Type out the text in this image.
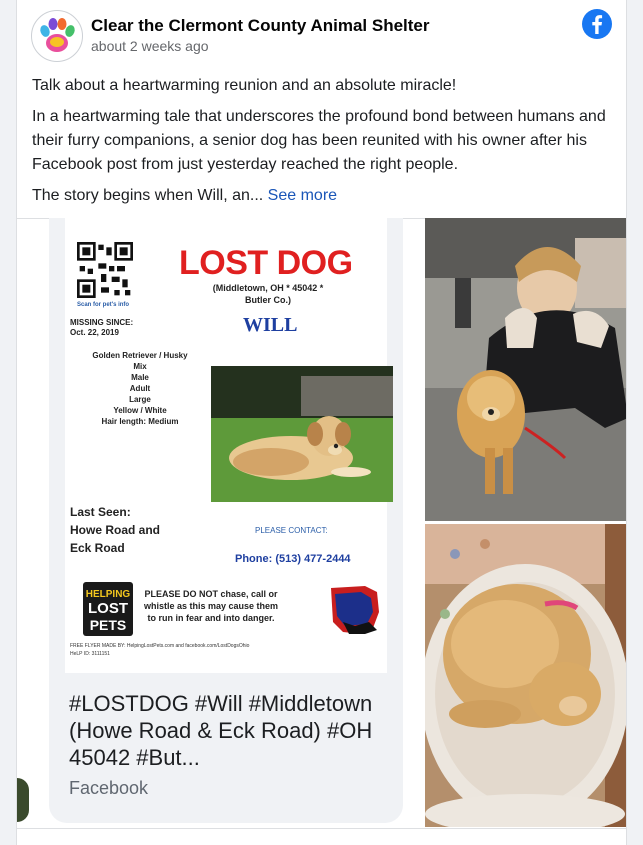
Clear the Clermont County Animal Shelter
about 2 weeks ago

Talk about a heartwarming reunion and an absolute miracle!

In a heartwarming tale that underscores the profound bond between humans and their furry companions, a senior dog has been reunited with his owner after his Facebook post from just yesterday reached the right people.

The story begins when Will, an... See more

Scan for pet's info
MISSING SINCE:
Oct. 22, 2019
LOST DOG
(Middletown, OH * 45042 *
Butler Co.)
WILL
Golden Retriever / Husky
Mix
Male
Adult
Large
Yellow / White
Hair length: Medium
Last Seen:
Howe Road and
Eck Road
PLEASE CONTACT:
Phone: (513) 477-2444
HELPING
LOST
PETS
PLEASE DO NOT chase, call or whistle as this may cause them to run in fear and into danger.
FREE FLYER MADE BY: HelpingLostPets.com and facebook.com/LostDogsOhio
HeLP ID: 3111151
#LOSTDOG #Will #Middletown (Howe Road & Eck Road) #OH 45042 #But...
Facebook
